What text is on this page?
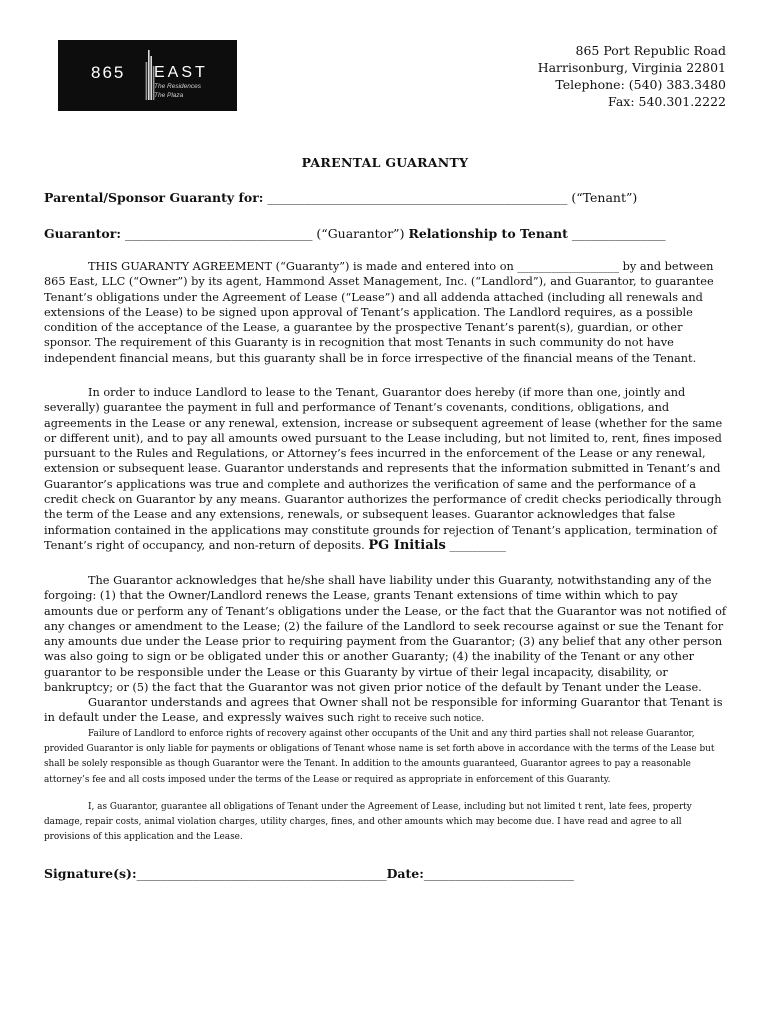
865 EAST
The Residences
The Plaza
865 Port Republic Road
Harrisonburg, Virginia 22801
Telephone: (540) 383.3480
Fax: 540.301.2222
PARENTAL GUARANTY
Parental/Sponsor Guaranty for: ________________________________________________ (“Tenant”)
Guarantor: ______________________________ (“Guarantor”) Relationship to Tenant _______________

THIS GUARANTY AGREEMENT (“Guaranty”) is made and entered into on __________________ by and between 865 East, LLC (“Owner”) by its agent, Hammond Asset Management, Inc. (“Landlord”), and Guarantor, to guarantee Tenant’s obligations under the Agreement of Lease (“Lease”) and all addenda attached (including all renewals and extensions of the Lease) to be signed upon approval of Tenant’s application. The Landlord requires, as a possible condition of the acceptance of the Lease, a guarantee by the prospective Tenant’s parent(s), guardian, or other sponsor. The requirement of this Guaranty is in recognition that most Tenants in such community do not have independent financial means, but this guaranty shall be in force irrespective of the financial means of the Tenant.

In order to induce Landlord to lease to the Tenant, Guarantor does hereby (if more than one, jointly and severally) guarantee the payment in full and performance of Tenant’s covenants, conditions, obligations, and agreements in the Lease or any renewal, extension, increase or subsequent agreement of lease (whether for the same or different unit), and to pay all amounts owed pursuant to the Lease including, but not limited to, rent, fines imposed pursuant to the Rules and Regulations, or Attorney’s fees incurred in the enforcement of the Lease or any renewal, extension or subsequent lease. Guarantor understands and represents that the information submitted in Tenant’s and Guarantor’s applications was true and complete and authorizes the verification of same and the performance of a credit check on Guarantor by any means. Guarantor authorizes the performance of credit checks periodically through the term of the Lease and any extensions, renewals, or subsequent leases. Guarantor acknowledges that false information contained in the applications may constitute grounds for rejection of Tenant’s application, termination of Tenant’s right of occupancy, and non-return of deposits. PG Initials __________

The Guarantor acknowledges that he/she shall have liability under this Guaranty, notwithstanding any of the forgoing: (1) that the Owner/Landlord renews the Lease, grants Tenant extensions of time within which to pay amounts due or perform any of Tenant’s obligations under the Lease, or the fact that the Guarantor was not notified of any changes or amendment to the Lease; (2) the failure of the Landlord to seek recourse against or sue the Tenant for any amounts due under the Lease prior to requiring payment from the Guarantor; (3) any belief that any other person was also going to sign or be obligated under this or another Guaranty; (4) the inability of the Tenant or any other guarantor to be responsible under the Lease or this Guaranty by virtue of their legal incapacity, disability, or bankruptcy; or (5) the fact that the Guarantor was not given prior notice of the default by Tenant under the Lease.

Guarantor understands and agrees that Owner shall not be responsible for informing Guarantor that Tenant is in default under the Lease, and expressly waives such right to receive such notice.

Failure of Landlord to enforce rights of recovery against other occupants of the Unit and any third parties shall not release Guarantor, provided Guarantor is only liable for payments or obligations of Tenant whose name is set forth above in accordance with the terms of the Lease but shall be solely responsible as though Guarantor were the Tenant. In addition to the amounts guaranteed, Guarantor agrees to pay a reasonable attorney’s fee and all costs imposed under the terms of the Lease or required as appropriate in enforcement of this Guaranty.

I, as Guarantor, guarantee all obligations of Tenant under the Agreement of Lease, including but not limited t rent, late fees, property damage, repair costs, animal violation charges, utility charges, fines, and other amounts which may become due. I have read and agree to all provisions of this application and the Lease.

Signature(s):________________________________________Date:________________________
